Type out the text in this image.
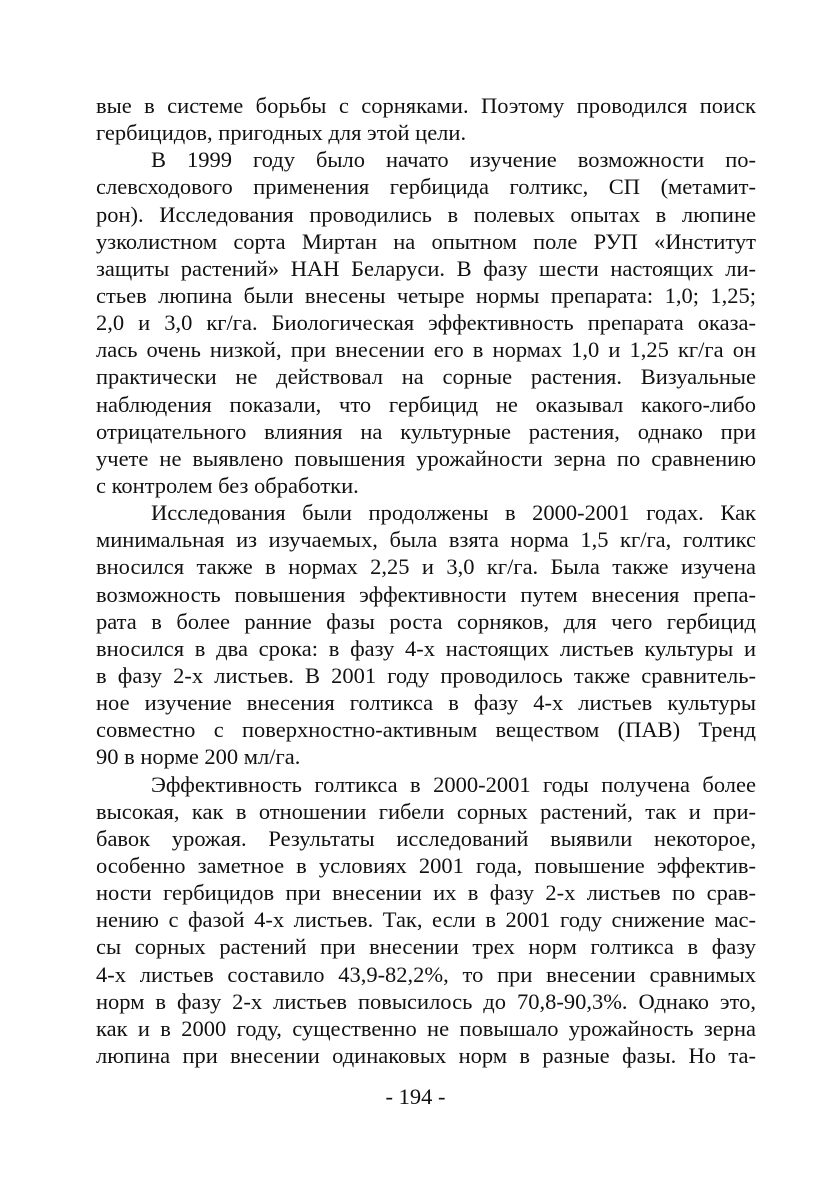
вые в системе борьбы с сорняками. Поэтому проводился поиск
гербицидов, пригодных для этой цели.
В 1999 году было начато изучение возможности по-
слевсходового применения гербицида голтикс, СП (метамит-
рон). Исследования проводились в полевых опытах в люпине
узколистном сорта Миртан на опытном поле РУП «Институт
защиты растений» НАН Беларуси. В фазу шести настоящих ли-
стьев люпина были внесены четыре нормы препарата: 1,0; 1,25;
2,0 и 3,0 кг/га. Биологическая эффективность препарата оказа-
лась очень низкой, при внесении его в нормах 1,0 и 1,25 кг/га он
практически не действовал на сорные растения. Визуальные
наблюдения показали, что гербицид не оказывал какого-либо
отрицательного влияния на культурные растения, однако при
учете не выявлено повышения урожайности зерна по сравнению
с контролем без обработки.
Исследования были продолжены в 2000-2001 годах. Как
минимальная из изучаемых, была взята норма 1,5 кг/га, голтикс
вносился также в нормах 2,25 и 3,0 кг/га. Была также изучена
возможность повышения эффективности путем внесения препа-
рата в более ранние фазы роста сорняков, для чего гербицид
вносился в два срока: в фазу 4-х настоящих листьев культуры и
в фазу 2-х листьев. В 2001 году проводилось также сравнитель-
ное изучение внесения голтикса в фазу 4-х листьев культуры
совместно с поверхностно-активным веществом (ПАВ) Тренд
90 в норме 200 мл/га.
Эффективность голтикса в 2000-2001 годы получена более
высокая, как в отношении гибели сорных растений, так и при-
бавок урожая. Результаты исследований выявили некоторое,
особенно заметное в условиях 2001 года, повышение эффектив-
ности гербицидов при внесении их в фазу 2-х листьев по срав-
нению с фазой 4-х листьев. Так, если в 2001 году снижение мас-
сы сорных растений при внесении трех норм голтикса в фазу
4-х листьев составило 43,9-82,2%, то при внесении сравнимых
норм в фазу 2-х листьев повысилось до 70,8-90,3%. Однако это,
как и в 2000 году, существенно не повышало урожайность зерна
люпина при внесении одинаковых норм в разные фазы. Но та-
- 194 -
